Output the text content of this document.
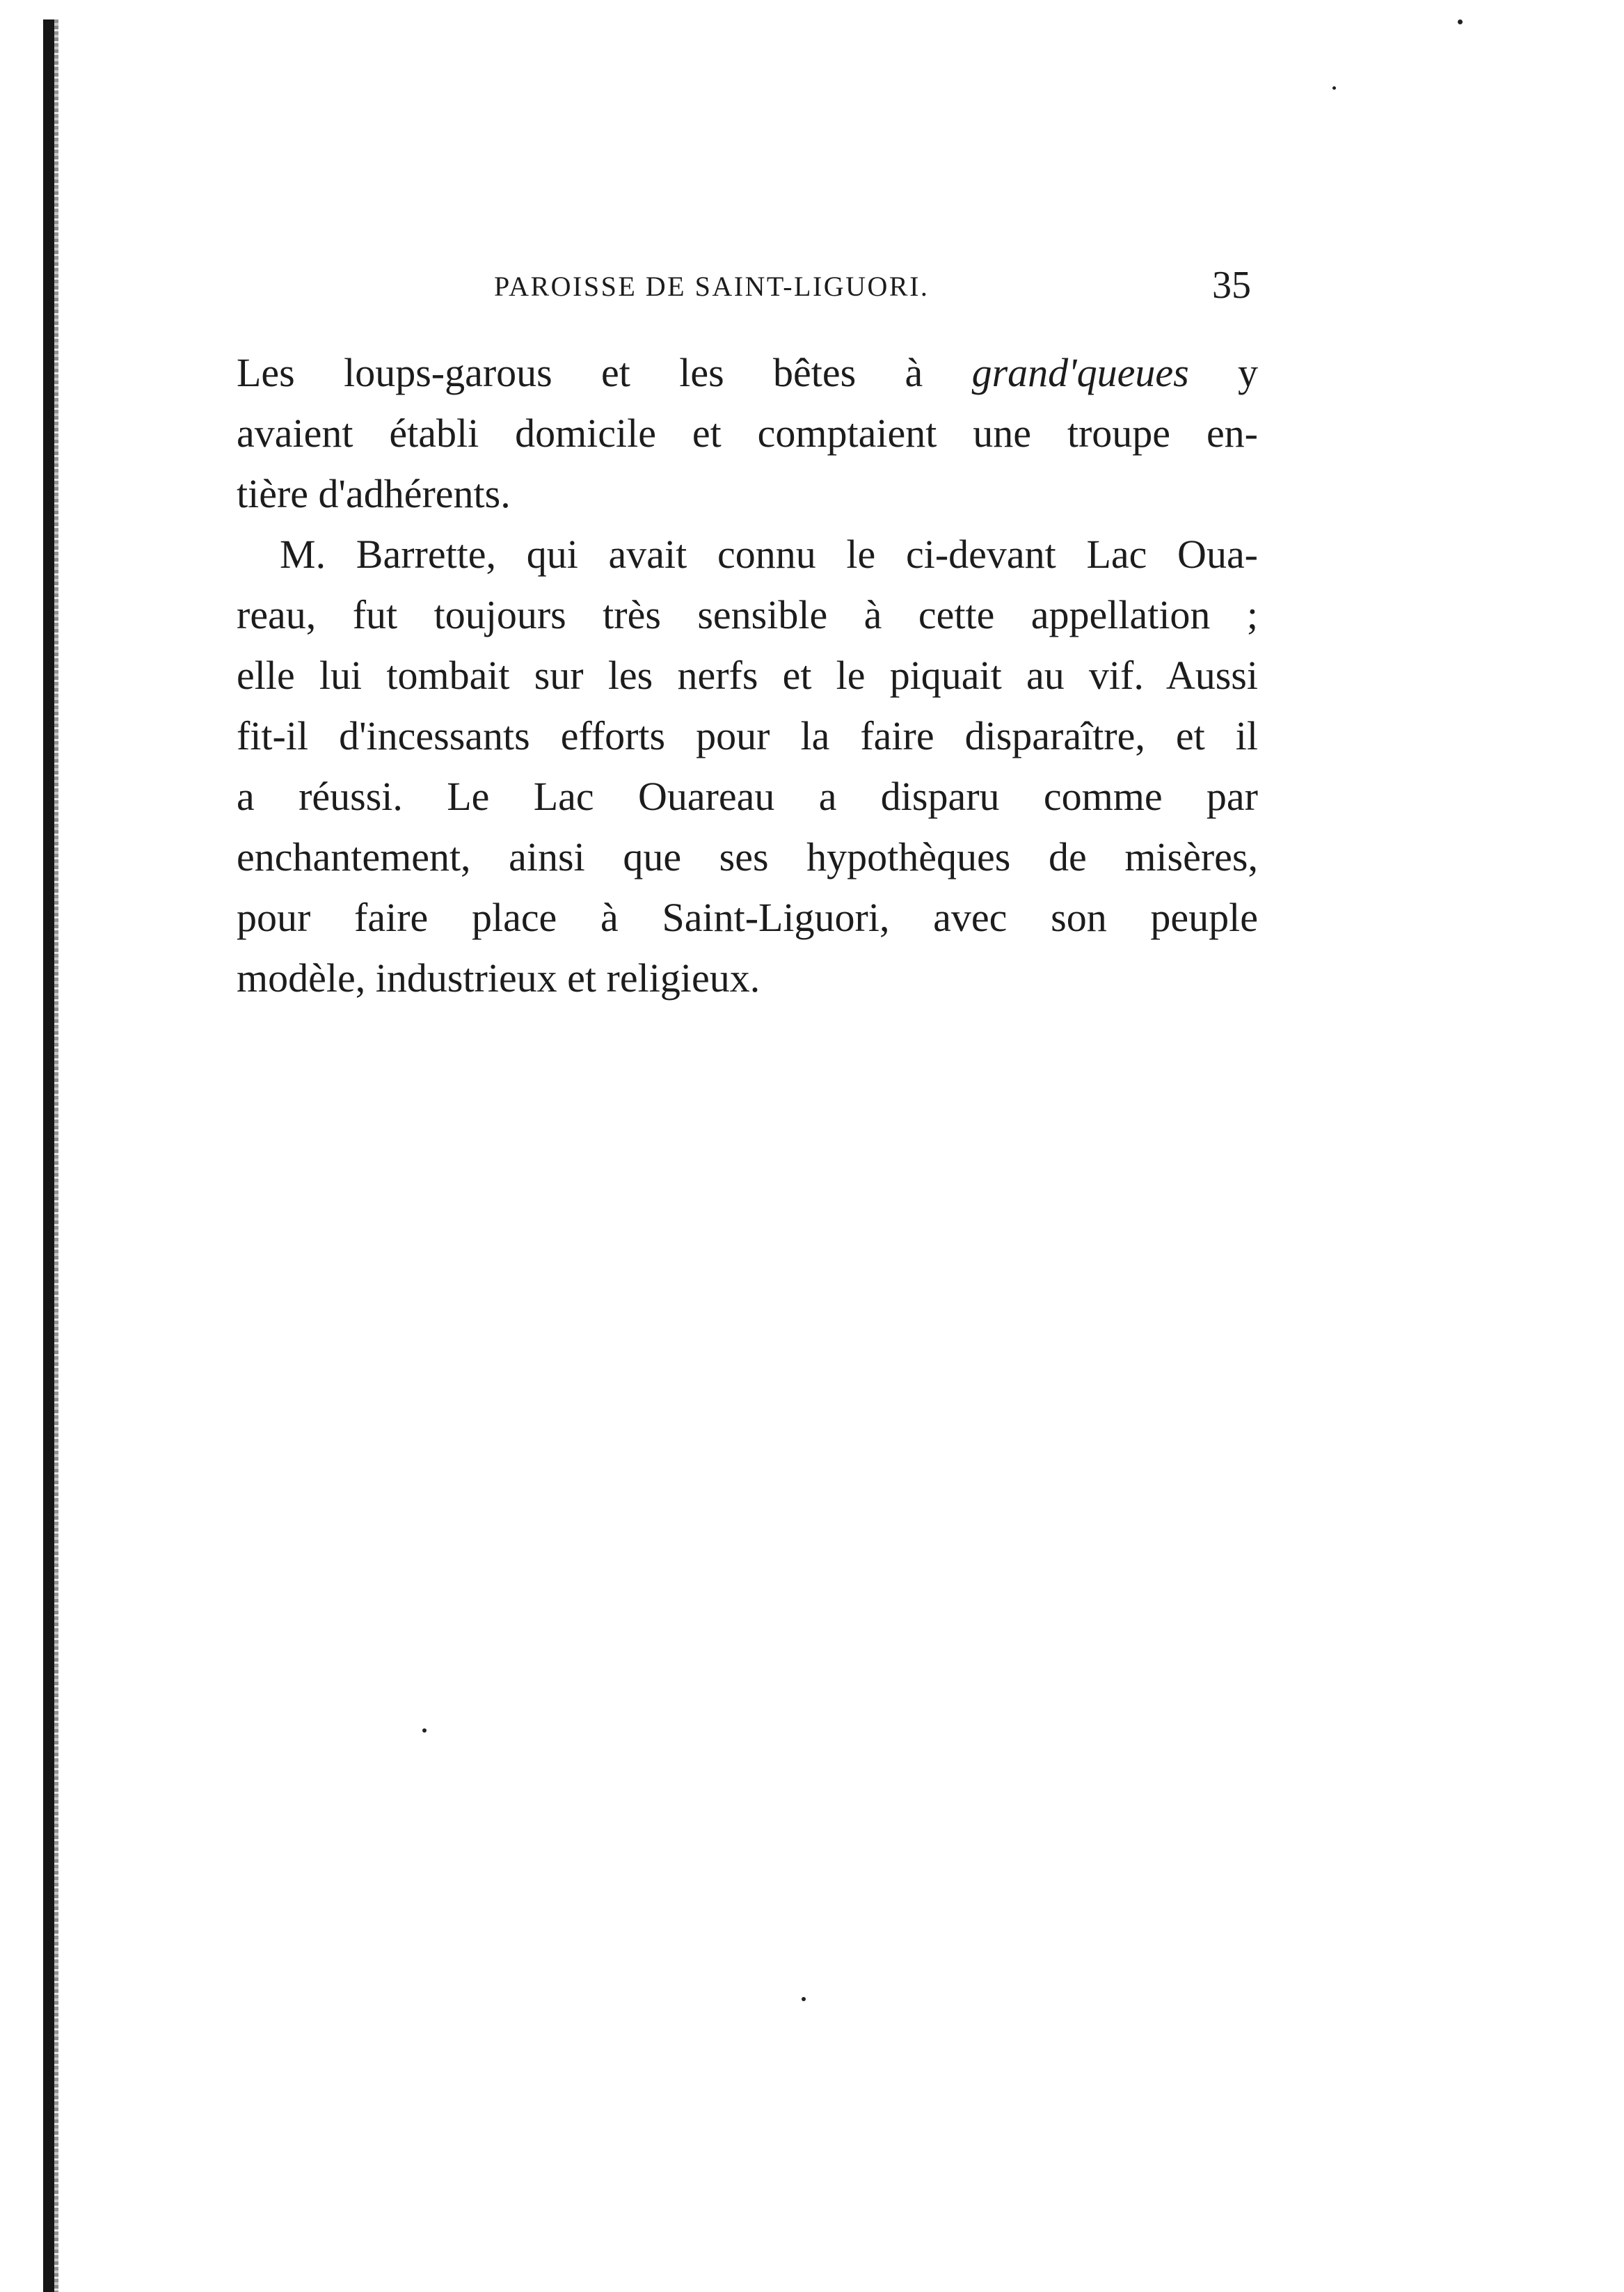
PAROISSE DE SAINT-LIGUORI.	35

Les loups-garous et les bêtes à grand'queues y
avaient établi domicile et comptaient une troupe en-
tière d'adhérents.

M. Barrette, qui avait connu le ci-devant Lac Oua-
reau, fut toujours très sensible à cette appellation ;
elle lui tombait sur les nerfs et le piquait au vif. Aussi
fit-il d'incessants efforts pour la faire disparaître, et il
a réussi. Le Lac Ouareau a disparu comme par
enchantement, ainsi que ses hypothèques de misères,
pour faire place à Saint-Liguori, avec son peuple
modèle, industrieux et religieux.
